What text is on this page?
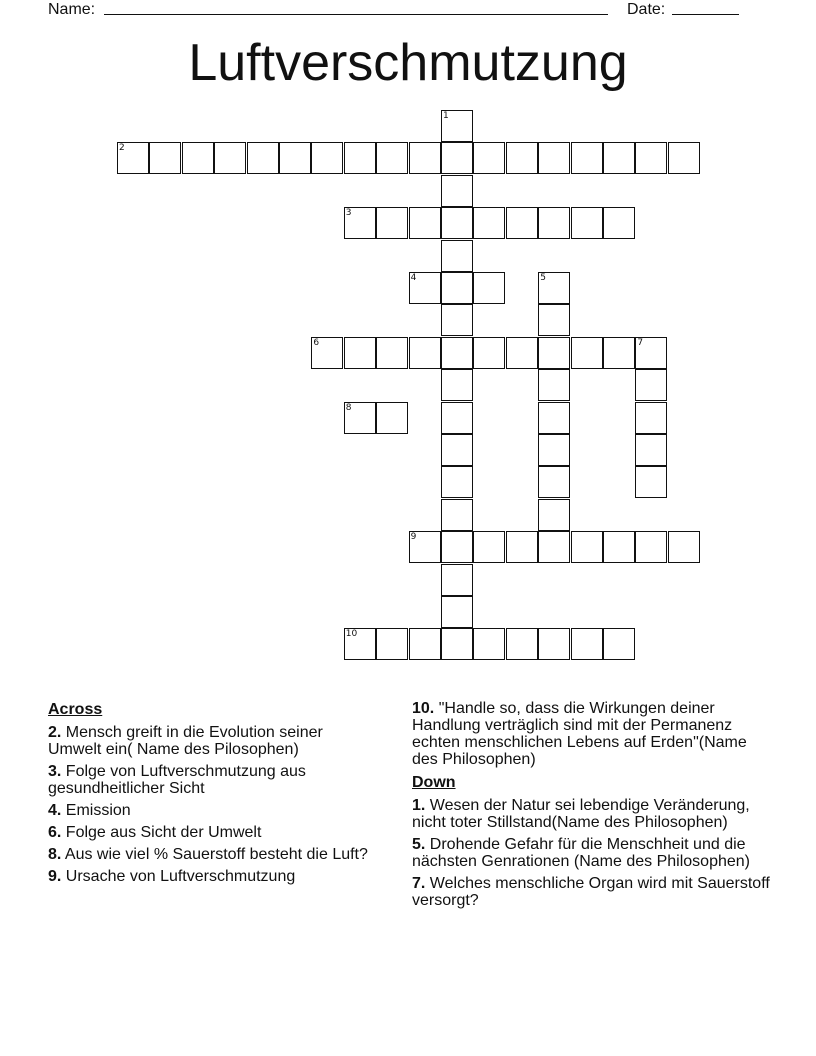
Name:	Date:
Luftverschmutzung
1
2
3
4	5
6	7
8
9
10
Across
2. Mensch greift in die Evolution seiner Umwelt ein( Name des Pilosophen)
3. Folge von Luftverschmutzung aus gesundheitlicher Sicht
4. Emission
6. Folge aus Sicht der Umwelt
8. Aus wie viel % Sauerstoff besteht die Luft?
9. Ursache von Luftverschmutzung
10. "Handle so, dass die Wirkungen deiner Handlung verträglich sind mit der Permanenz echten menschlichen Lebens auf Erden"(Name des Philosophen)
Down
1. Wesen der Natur sei lebendige Veränderung, nicht toter Stillstand(Name des Philosophen)
5. Drohende Gefahr für die Menschheit und die nächsten Genrationen (Name des Philosophen)
7. Welches menschliche Organ wird mit Sauerstoff versorgt?
